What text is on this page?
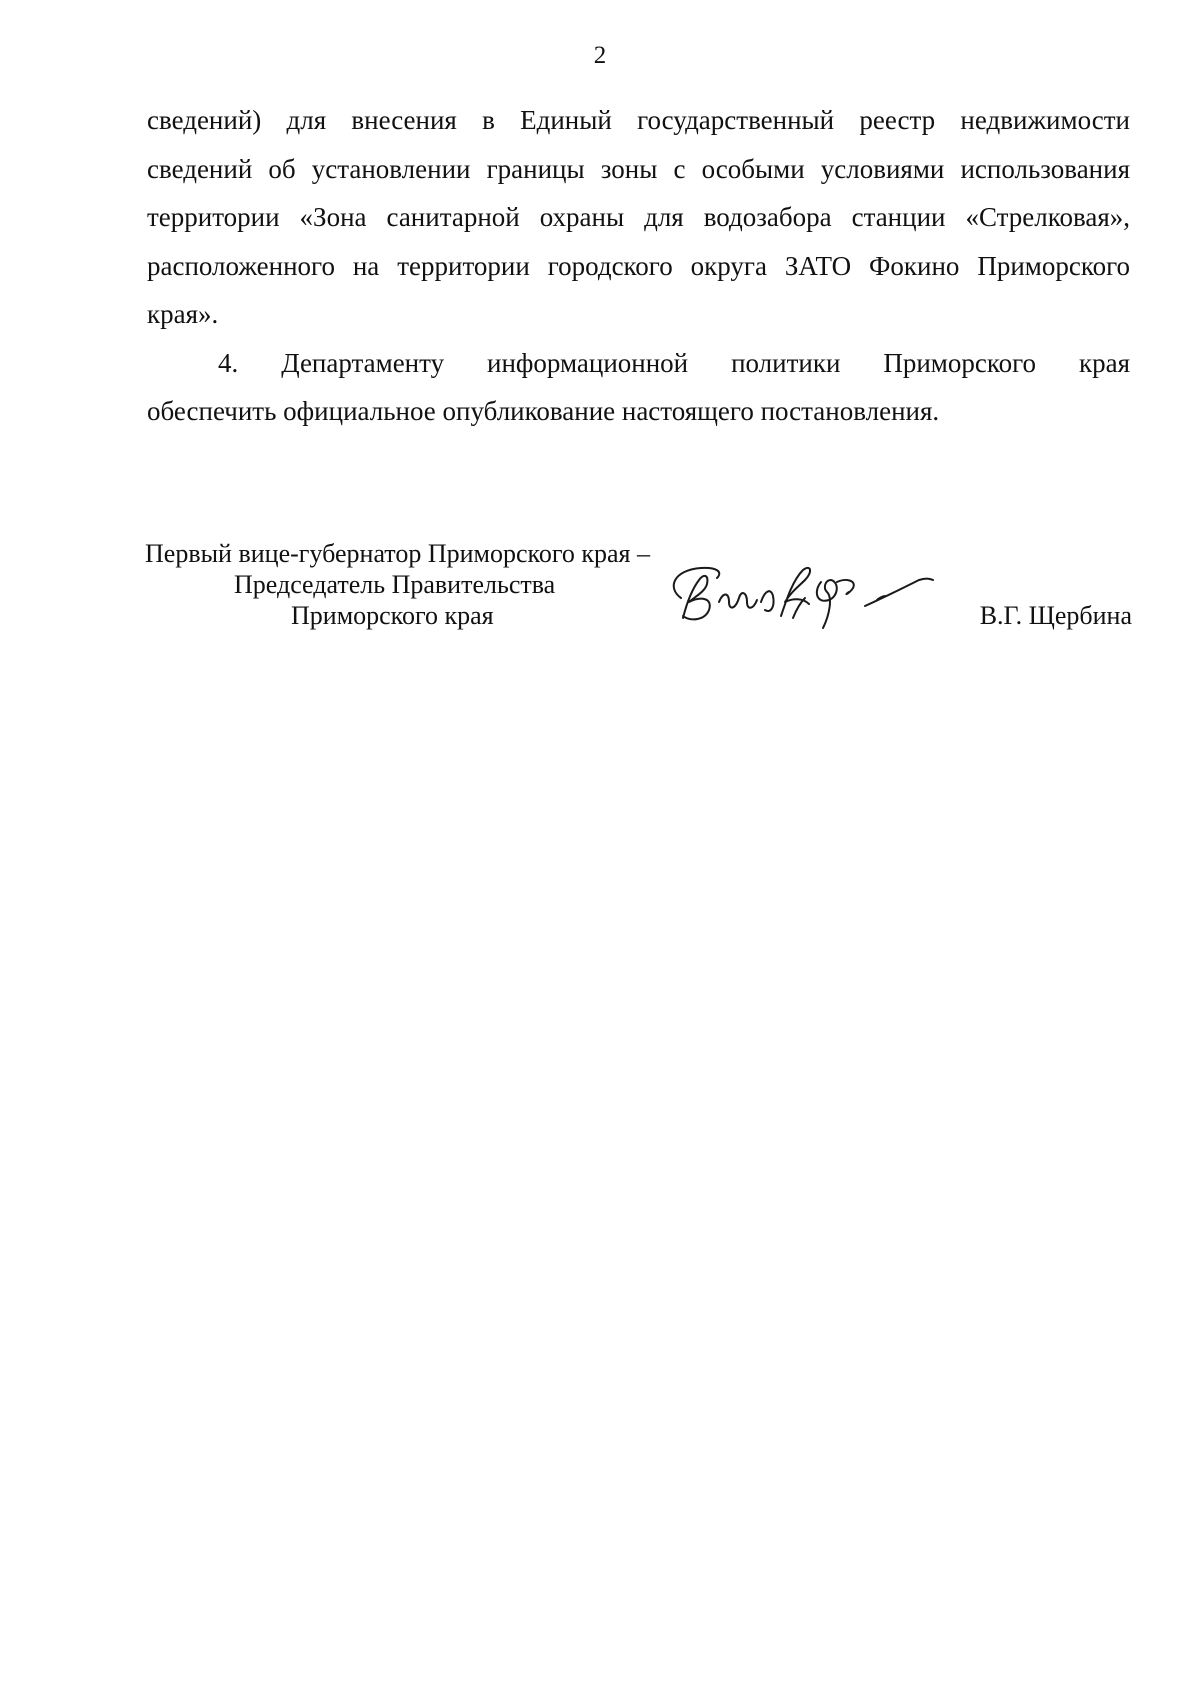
2
сведений) для внесения в Единый государственный реестр недвижимости
сведений об установлении границы зоны с особыми условиями использования
территории «Зона санитарной охраны для водозабора станции «Стрелковая»,
расположенного на территории городского округа ЗАТО Фокино Приморского
края».
4. Департаменту информационной политики Приморского края
обеспечить официальное опубликование настоящего постановления.
Первый вице-губернатор Приморского края –
Председатель Правительства
Приморского края	В.Г. Щербина
